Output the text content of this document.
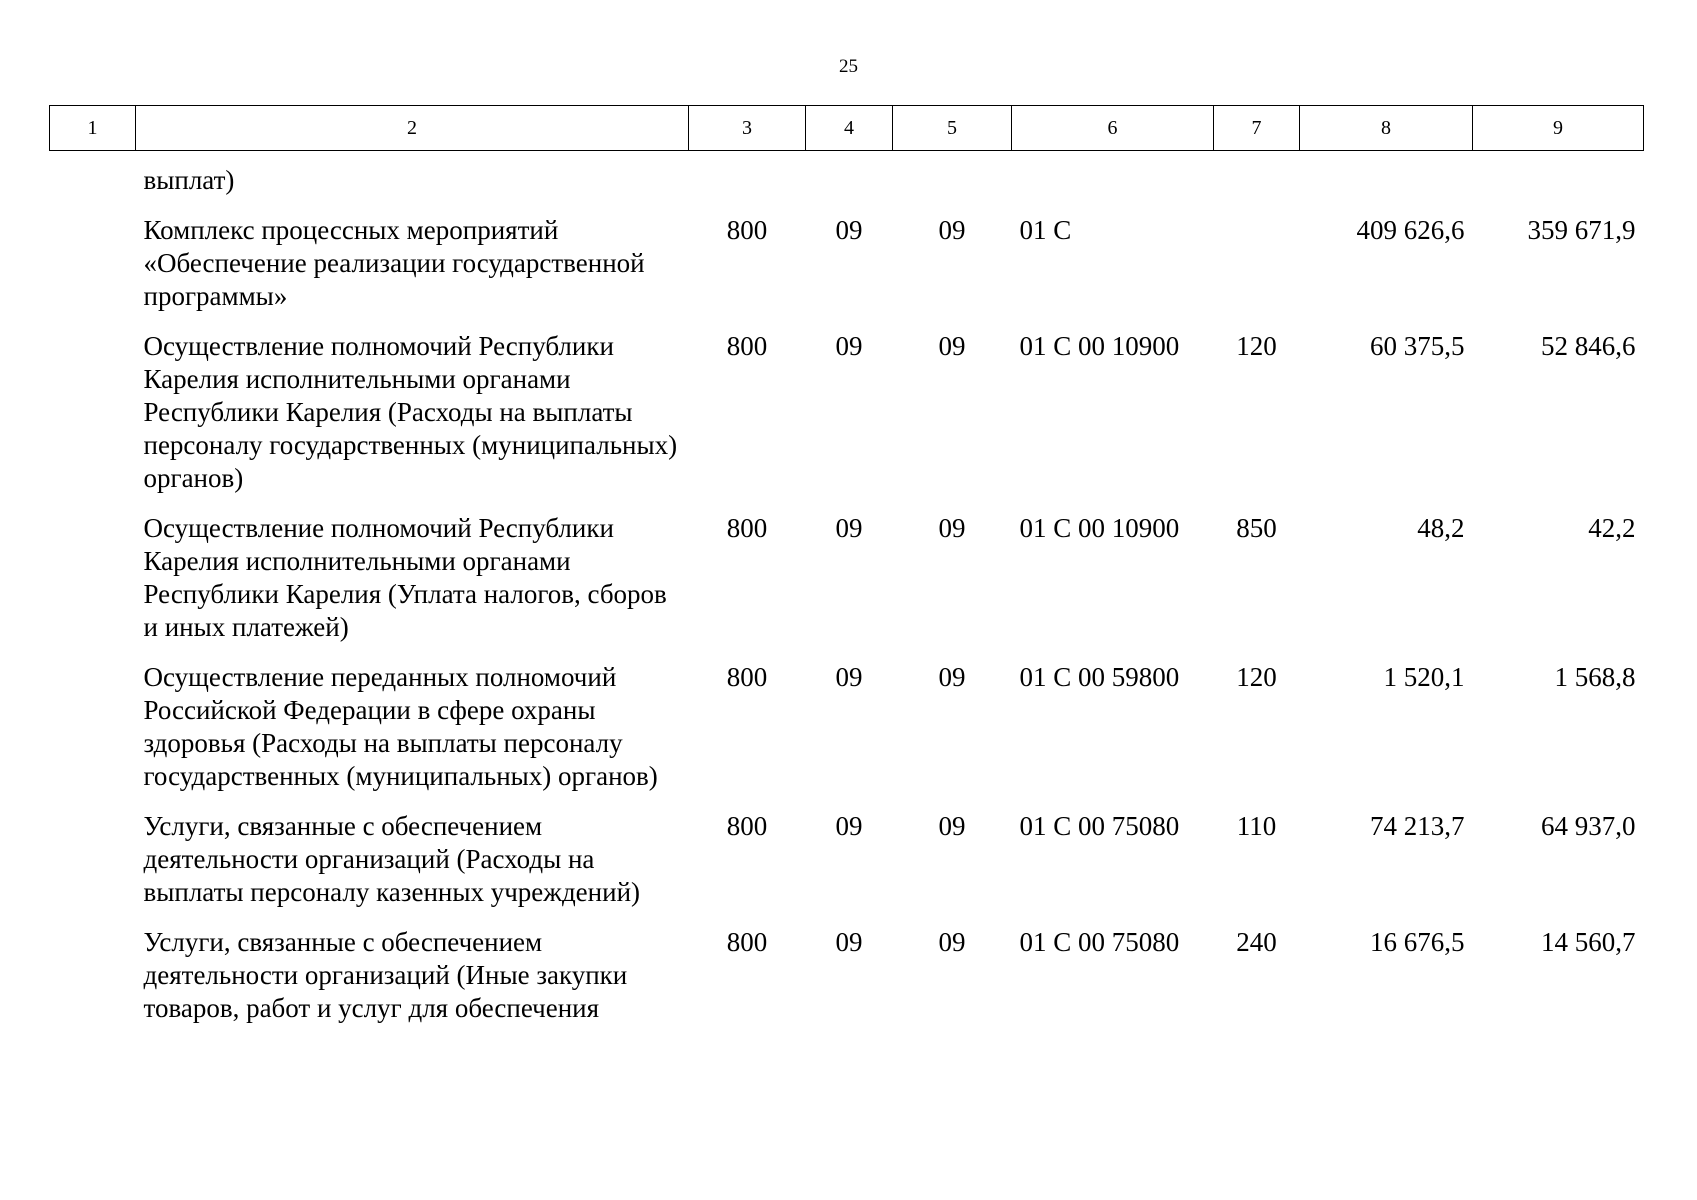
25
1	2	3	4	5	6	7	8	9
	выплат)							
	Комплекс процессных мероприятий «Обеспечение реализации государственной программы»	800	09	09	01 С		409 626,6	359 671,9
	Осуществление полномочий Республики Карелия исполнительными органами Республики Карелия (Расходы на выплаты персоналу государственных (муниципальных) органов)	800	09	09	01 С 00 10900	120	60 375,5	52 846,6
	Осуществление полномочий Республики Карелия исполнительными органами Республики Карелия (Уплата налогов, сборов и иных платежей)	800	09	09	01 С 00 10900	850	48,2	42,2
	Осуществление переданных полномочий Российской Федерации в сфере охраны здоровья (Расходы на выплаты персоналу государственных (муниципальных) органов)	800	09	09	01 С 00 59800	120	1 520,1	1 568,8
	Услуги, связанные с обеспечением деятельности организаций (Расходы на выплаты персоналу казенных учреждений)	800	09	09	01 С 00 75080	110	74 213,7	64 937,0
	Услуги, связанные с обеспечением деятельности организаций (Иные закупки товаров, работ и услуг для обеспечения	800	09	09	01 С 00 75080	240	16 676,5	14 560,7
